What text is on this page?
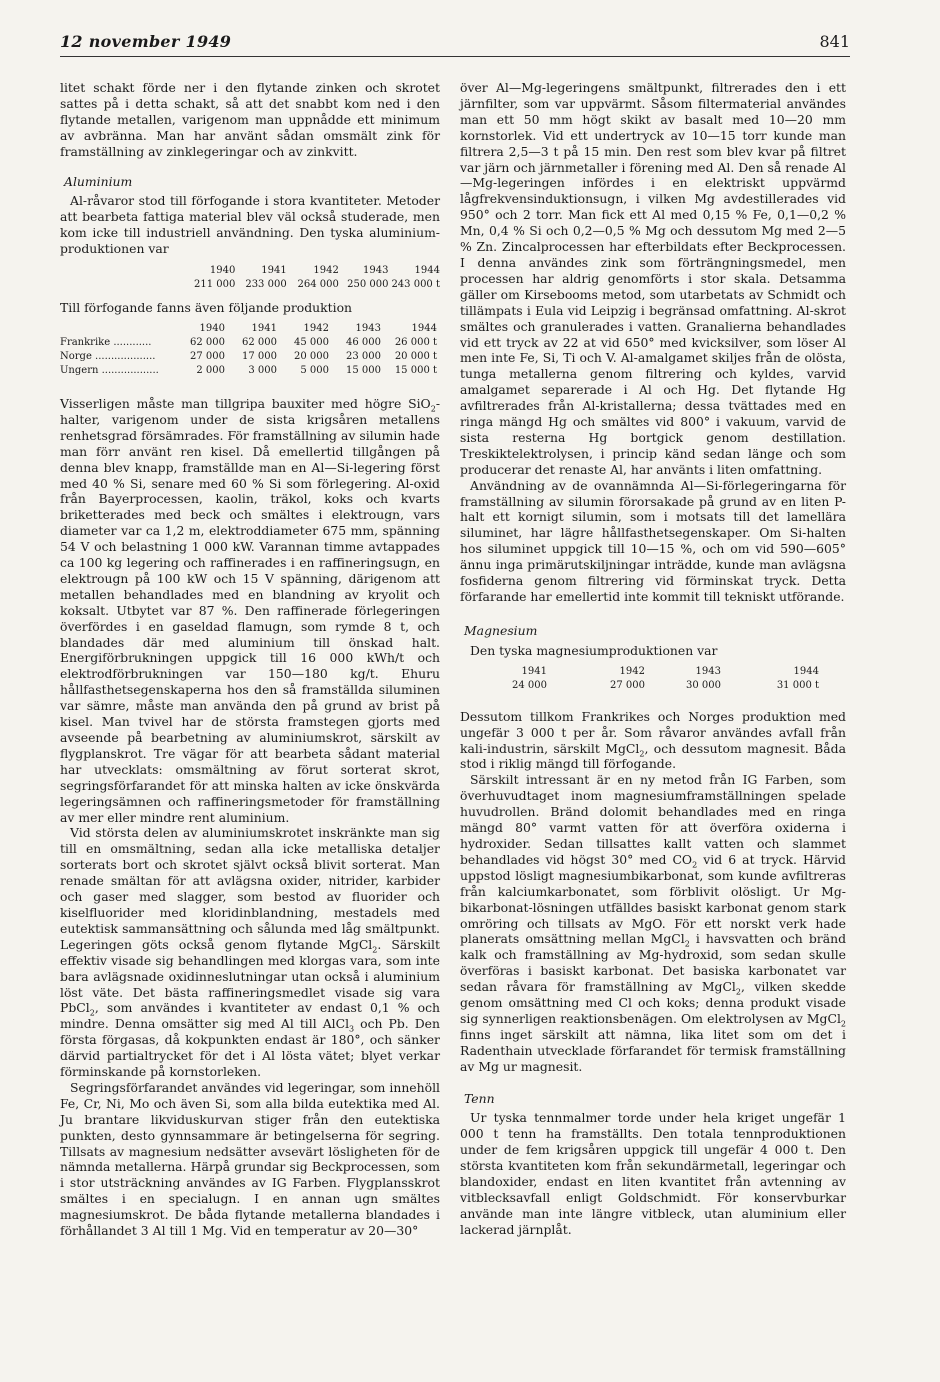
12 november 1949	841

litet schakt förde ner i den flytande zinken och skrotet sattes på i detta schakt, så att det snabbt kom ned i den flytande metallen, varigenom man uppnådde ett minimum av avbränna. Man har använt sådan omsmält zink för framställning av zinklegeringar och av zinkvitt.

Aluminium

Al-råvaror stod till förfogande i stora kvantiteter. Metoder att bearbeta fattiga material blev väl också studerade, men kom icke till industriell användning. Den tyska aluminium-produktionen var

1940	1941	1942	1943	1944
211 000	233 000	264 000	250 000	243 000 t

Till förfogande fanns även följande produktion

	1940	1941	1942	1943	1944
Frankrike ............	62 000	62 000	45 000	46 000	26 000 t
Norge ...................	27 000	17 000	20 000	23 000	20 000 t
Ungern ..................	2 000	3 000	5 000	15 000	15 000 t

Visserligen måste man tillgripa bauxiter med högre SiO$_2$-halter, varigenom under de sista krigsåren metallens renhetsgrad försämrades. För framställning av silumin hade man förr använt ren kisel. Då emellertid tillgången på denna blev knapp, framställde man en Al—Si-legering först med 40 % Si, senare med 60 % Si som förlegering. Al-oxid från Bayerprocessen, kaolin, träkol, koks och kvarts briketterades med beck och smältes i elektrougn, vars diameter var ca 1,2 m, elektroddiameter 675 mm, spänning 54 V och belastning 1 000 kW. Varannan timme avtappades ca 100 kg legering och raffinerades i en raffineringsugn, en elektrougn på 100 kW och 15 V spänning, därigenom att metallen behandlades med en blandning av kryolit och koksalt. Utbytet var 87 %. Den raffinerade förlegeringen överfördes i en gaseldad flamugn, som rymde 8 t, och blandades där med aluminium till önskad halt. Energiförbrukningen uppgick till 16 000 kWh/t och elektrodförbrukningen var 150—180 kg/t. Ehuru hållfasthetsegenskaperna hos den så framställda siluminen var sämre, måste man använda den på grund av brist på kisel. Man tvivel har de största framstegen gjorts med avseende på bearbetning av aluminiumskrot, särskilt av flygplanskrot. Tre vägar för att bearbeta sådant material har utvecklats: omsmältning av förut sorterat skrot, segringsförfarandet för att minska halten av icke önskvärda legeringsämnen och raffineringsmetoder för framställning av mer eller mindre rent aluminium.

Vid största delen av aluminiumskrotet inskränkte man sig till en omsmältning, sedan alla icke metalliska detaljer sorterats bort och skrotet självt också blivit sorterat. Man renade smältan för att avlägsna oxider, nitrider, karbider och gaser med slagger, som bestod av fluorider och kiselfluorider med kloridinblandning, mestadels med eutektisk sammansättning och sålunda med låg smältpunkt. Legeringen göts också genom flytande MgCl$_2$. Särskilt effektiv visade sig behandlingen med klorgas vara, som inte bara avlägsnade oxidinneslutningar utan också i aluminium löst väte. Det bästa raffineringsmedlet visade sig vara PbCl$_2$, som användes i kvantiteter av endast 0,1 % och mindre. Denna omsätter sig med Al till AlCl$_3$ och Pb. Den första förgasas, då kokpunkten endast är 180°, och sänker därvid partialtrycket för det i Al lösta vätet; blyet verkar förminskande på kornstorleken.

Segringsförfarandet användes vid legeringar, som innehöll Fe, Cr, Ni, Mo och även Si, som alla bilda eutektika med Al. Ju brantare likviduskurvan stiger från den eutektiska punkten, desto gynnsammare är betingelserna för segring. Tillsats av magnesium nedsätter avsevärt lösligheten för de nämnda metallerna. Härpå grundar sig Beckprocessen, som i stor utsträckning användes av IG Farben. Flygplansskrot smältes i en specialugn. I en annan ugn smältes magnesiumskrot. De båda flytande metallerna blandades i förhållandet 3 Al till 1 Mg. Vid en temperatur av 20—30°

över Al—Mg-legeringens smältpunkt, filtrerades den i ett järnfilter, som var uppvärmt. Såsom filtermaterial användes man ett 50 mm högt skikt av basalt med 10—20 mm kornstorlek. Vid ett undertryck av 10—15 torr kunde man filtrera 2,5—3 t på 15 min. Den rest som blev kvar på filtret var järn och järnmetaller i förening med Al. Den så renade Al—Mg-legeringen infördes i en elektriskt uppvärmd lågfrekvensinduktionsugn, i vilken Mg avdestillerades vid 950° och 2 torr. Man fick ett Al med 0,15 % Fe, 0,1—0,2 % Mn, 0,4 % Si och 0,2—0,5 % Mg och dessutom Mg med 2—5 % Zn. Zincalprocessen har efterbildats efter Beckprocessen. I denna användes zink som förträngningsmedel, men processen har aldrig genomförts i stor skala. Detsamma gäller om Kirsebooms metod, som utarbetats av Schmidt och tillämpats i Eula vid Leipzig i begränsad omfattning. Al-skrot smältes och granulerades i vatten. Granalierna behandlades vid ett tryck av 22 at vid 650° med kvicksilver, som löser Al men inte Fe, Si, Ti och V. Al-amalgamet skiljes från de olösta, tunga metallerna genom filtrering och kyldes, varvid amalgamet separerade i Al och Hg. Det flytande Hg avfiltrerades från Al-kristallerna; dessa tvättades med en ringa mängd Hg och smältes vid 800° i vakuum, varvid de sista resterna Hg bortgick genom destillation. Treskiktelektrolysen, i princip känd sedan länge och som producerar det renaste Al, har använts i liten omfattning.

Användning av de ovannämnda Al—Si-förlegeringarna för framställning av silumin förorsakade på grund av en liten P-halt ett kornigt silumin, som i motsats till det lamellära siluminet, har lägre hållfasthetsegenskaper. Om Si-halten hos siluminet uppgick till 10—15 %, och om vid 590—605° ännu inga primärutskiljningar inträdde, kunde man avlägsna fosfiderna genom filtrering vid förminskat tryck. Detta förfarande har emellertid inte kommit till tekniskt utförande.

Magnesium

Den tyska magnesiumproduktionen var

1941	1942	1943	1944
24 000	27 000	30 000	31 000 t

Dessutom tillkom Frankrikes och Norges produktion med ungefär 3 000 t per år. Som råvaror användes avfall från kali-industrin, särskilt MgCl$_2$, och dessutom magnesit. Båda stod i riklig mängd till förfogande.

Särskilt intressant är en ny metod från IG Farben, som överhuvudtaget inom magnesiumframställningen spelade huvudrollen. Bränd dolomit behandlades med en ringa mängd 80° varmt vatten för att överföra oxiderna i hydroxider. Sedan tillsattes kallt vatten och slammet behandlades vid högst 30° med $CO_2$ vid 6 at tryck. Härvid uppstod lösligt magnesiumbikarbonat, som kunde avfiltreras från kalciumkarbonatet, som förblivit olösligt. Ur Mg-bikarbonat-lösningen utfälldes basiskt karbonat genom stark omröring och tillsats av MgO. För ett norskt verk hade planerats omsättning mellan MgCl$_2$ i havsvatten och bränd kalk och framställning av Mg-hydroxid, som sedan skulle överföras i basiskt karbonat. Det basiska karbonatet var sedan råvara för framställning av MgCl$_2$, vilken skedde genom omsättning med Cl och koks; denna produkt visade sig synnerligen reaktionsbenägen. Om elektrolysen av MgCl$_2$ finns inget särskilt att nämna, lika litet som om det i Radenthain utvecklade förfarandet för termisk framställning av Mg ur magnesit.

Tenn

Ur tyska tennmalmer torde under hela kriget ungefär 1 000 t tenn ha framställts. Den totala tennproduktionen under de fem krigsåren uppgick till ungefär 4 000 t. Den största kvantiteten kom från sekundärmetall, legeringar och blandoxider, endast en liten kvantitet från avtenning av vitblecksavfall enligt Goldschmidt. För konservburkar använde man inte längre vitbleck, utan aluminium eller lackerad järnplåt.
